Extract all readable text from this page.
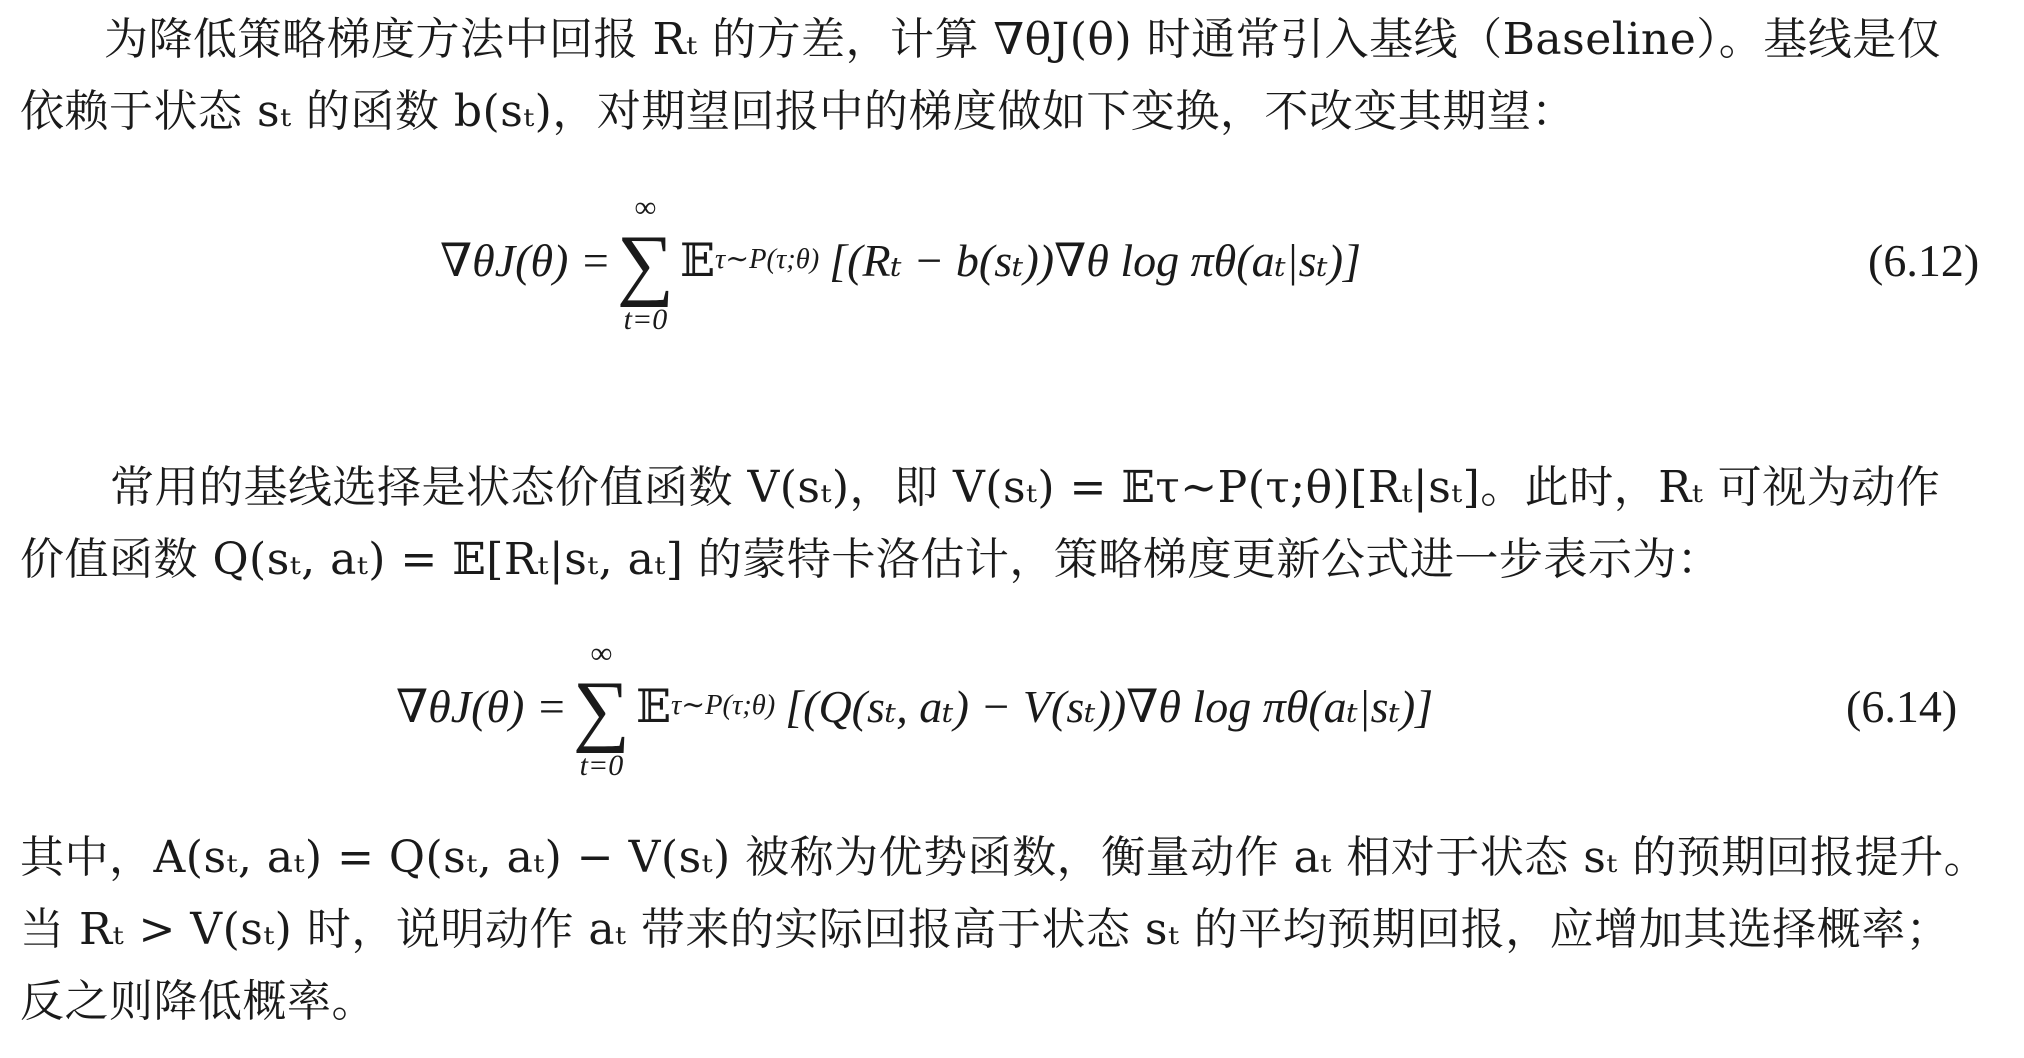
为降低策略梯度方法中回报 Rₜ 的方差，计算 ∇θJ(θ) 时通常引入基线（Baseline）。基线是仅
依赖于状态 sₜ 的函数 b(sₜ)，对期望回报中的梯度做如下变换，不改变其期望：
∇θJ(θ) =
∞
∑
t=0
𝔼 τ∼P(τ;θ) [(Rₜ − b(sₜ))∇θ log πθ(aₜ|sₜ)]	(6.12)
常用的基线选择是状态价值函数 V(sₜ)，即 V(sₜ) = 𝔼τ∼P(τ;θ)[Rₜ|sₜ]。此时，Rₜ 可视为动作
价值函数 Q(sₜ, aₜ) = 𝔼[Rₜ|sₜ, aₜ] 的蒙特卡洛估计，策略梯度更新公式进一步表示为：
∇θJ(θ) =
∞
∑
t=0
𝔼 τ∼P(τ;θ) [(Q(sₜ, aₜ) − V(sₜ))∇θ log πθ(aₜ|sₜ)]	(6.14)
其中，A(sₜ, aₜ) = Q(sₜ, aₜ) − V(sₜ) 被称为优势函数，衡量动作 aₜ 相对于状态 sₜ 的预期回报提升。
当 Rₜ > V(sₜ) 时，说明动作 aₜ 带来的实际回报高于状态 sₜ 的平均预期回报，应增加其选择概率；
反之则降低概率。
